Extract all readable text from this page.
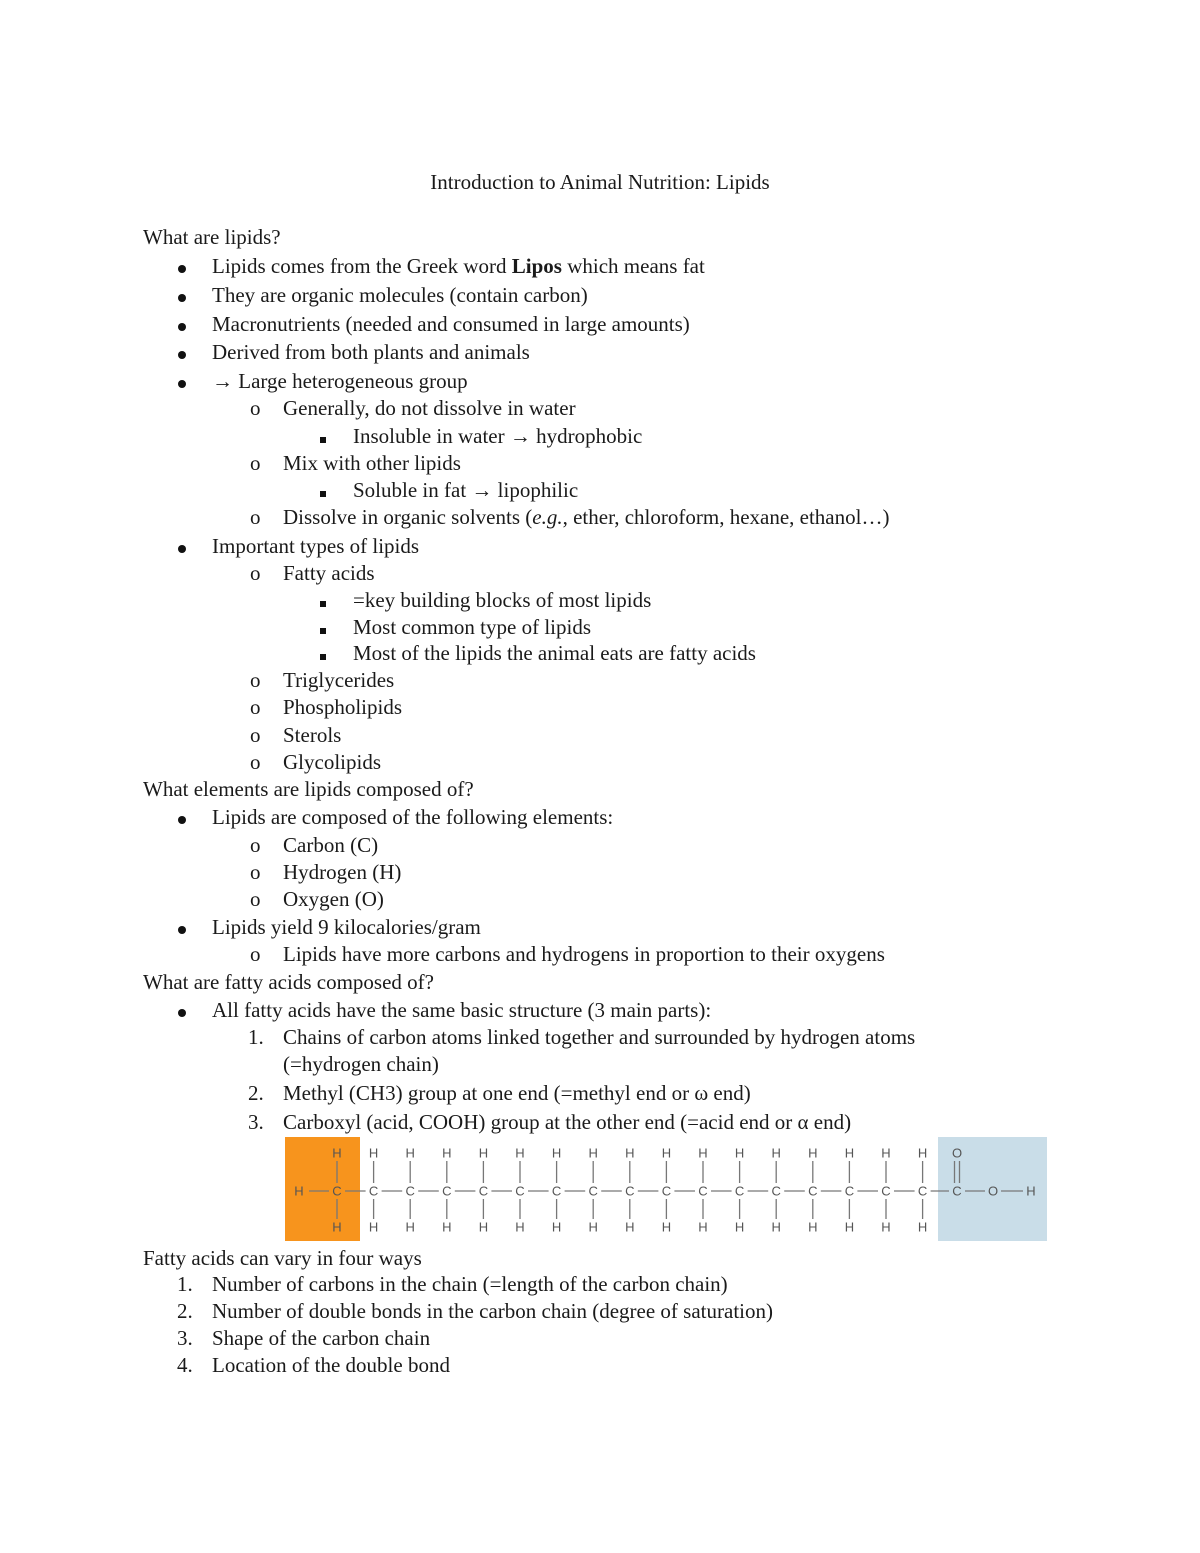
Introduction to Animal Nutrition: Lipids
What are lipids?
Lipids comes from the Greek word Lipos which means fat
They are organic molecules (contain carbon)
Macronutrients (needed and consumed in large amounts)
Derived from both plants and animals
→ Large heterogeneous group
o Generally, do not dissolve in water
Insoluble in water → hydrophobic
o Mix with other lipids
Soluble in fat → lipophilic
o Dissolve in organic solvents (e.g., ether, chloroform, hexane, ethanol…)
Important types of lipids
o Fatty acids
=key building blocks of most lipids
Most common type of lipids
Most of the lipids the animal eats are fatty acids
o Triglycerides
o Phospholipids
o Sterols
o Glycolipids
What elements are lipids composed of?
Lipids are composed of the following elements:
o Carbon (C)
o Hydrogen (H)
o Oxygen (O)
Lipids yield 9 kilocalories/gram
o Lipids have more carbons and hydrogens in proportion to their oxygens
What are fatty acids composed of?
All fatty acids have the same basic structure (3 main parts):
1. Chains of carbon atoms linked together and surrounded by hydrogen atoms
(=hydrogen chain)
2. Methyl (CH3) group at one end (=methyl end or ω end)
3. Carboxyl (acid, COOH) group at the other end (=acid end or α end)
H C
H
H
C
H
H
C
H
H
C
H
H
C
H
H
C
H
H
C
H
H
C
H
H
C
H
H
C
H
H
C
H
H
C
H
H
C
H
H
C
H
H
C
H
H
C
H
H
C
H
H
C
O
O H
Fatty acids can vary in four ways
1. Number of carbons in the chain (=length of the carbon chain)
2. Number of double bonds in the carbon chain (degree of saturation)
3. Shape of the carbon chain
4. Location of the double bond
